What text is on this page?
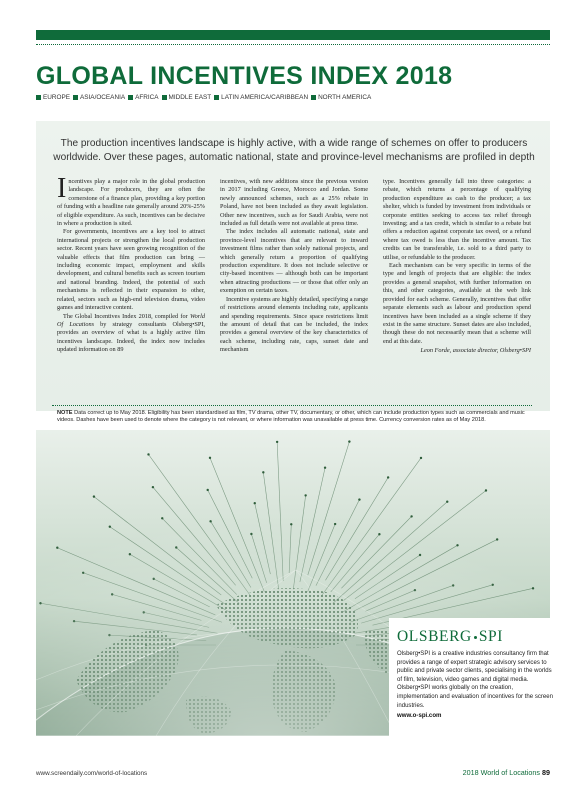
GLOBAL INCENTIVES INDEX 2018
EUROPE	ASIA/OCEANIA	AFRICA	MIDDLE EAST	LATIN AMERICA/CARIBBEAN	NORTH AMERICA
The production incentives landscape is highly active, with a wide range of schemes on offer to producers worldwide. Over these pages, automatic national, state and province-level mechanisms are profiled in depth

Incentives play a major role in the global production landscape. For producers, they are often the cornerstone of a finance plan, providing a key portion of funding with a headline rate generally around 20%-25% of eligible expenditure. As such, incentives can be decisive in where a production is sited.

For governments, incentives are a key tool to attract international projects or strengthen the local production sector. Recent years have seen growing recognition of the valuable effects that film production can bring — including economic impact, employment and skills development, and cultural benefits such as screen tourism and national branding. Indeed, the potential of such mechanisms is reflected in their expansion to other, related, sectors such as high-end television drama, video games and interactive content.

The Global Incentives Index 2018, compiled for World Of Locations by strategy consultants Olsberg•SPI, provides an overview of what is a highly active film incentives landscape. Indeed, the index now includes updated information on 89

incentives, with new additions since the previous version in 2017 including Greece, Morocco and Jordan. Some newly announced schemes, such as a 25% rebate in Poland, have not been included as they await legislation. Other new incentives, such as for Saudi Arabia, were not included as full details were not available at press time.

The index includes all automatic national, state and province-level incentives that are relevant to inward investment films rather than solely national projects, and which generally return a proportion of qualifying production expenditure. It does not include selective or city-based incentives — although both can be important when attracting productions — or those that offer only an exemption on certain taxes.

Incentive systems are highly detailed, specifying a range of restrictions around elements including rate, applicants and spending requirements. Since space restrictions limit the amount of detail that can be included, the index provides a general overview of the key characteristics of each scheme, including rate, caps, sunset date and mechanism

type. Incentives generally fall into three categories: a rebate, which returns a percentage of qualifying production expenditure as cash to the producer; a tax shelter, which is funded by investment from individuals or corporate entities seeking to access tax relief through investing; and a tax credit, which is similar to a rebate but offers a reduction against corporate tax owed, or a refund where tax owed is less than the incentive amount. Tax credits can be transferable, i.e. sold to a third party to utilise, or refundable to the producer.

Each mechanism can be very specific in terms of the type and length of projects that are eligible: the index provides a general snapshot, with further information on this, and other categories, available at the web link provided for each scheme. Generally, incentives that offer separate elements such as labour and production spend incentives have been included as a single scheme if they exist in the same structure. Sunset dates are also included, though these do not necessarily mean that a scheme will end at this date.

Leon Forde, associate director, Olsberg•SPI
NOTE Data correct up to May 2018. Eligibility has been standardised as film, TV drama, other TV, documentary, or other, which can include production types such as commercials and music videos. Dashes have been used to denote where the category is not relevant, or where information was unavailable at press time. Currency conversion rates as of May 2018.
OLSBERG SPI
Olsberg•SPI is a creative industries consultancy firm that provides a range of expert strategic advisory services to public and private sector clients, specialising in the worlds of film, television, video games and digital media. Olsberg•SPI works globally on the creation, implementation and evaluation of incentives for the screen industries.
www.o-spi.com
www.screendaily.com/world-of-locations	2018 World of Locations 89
